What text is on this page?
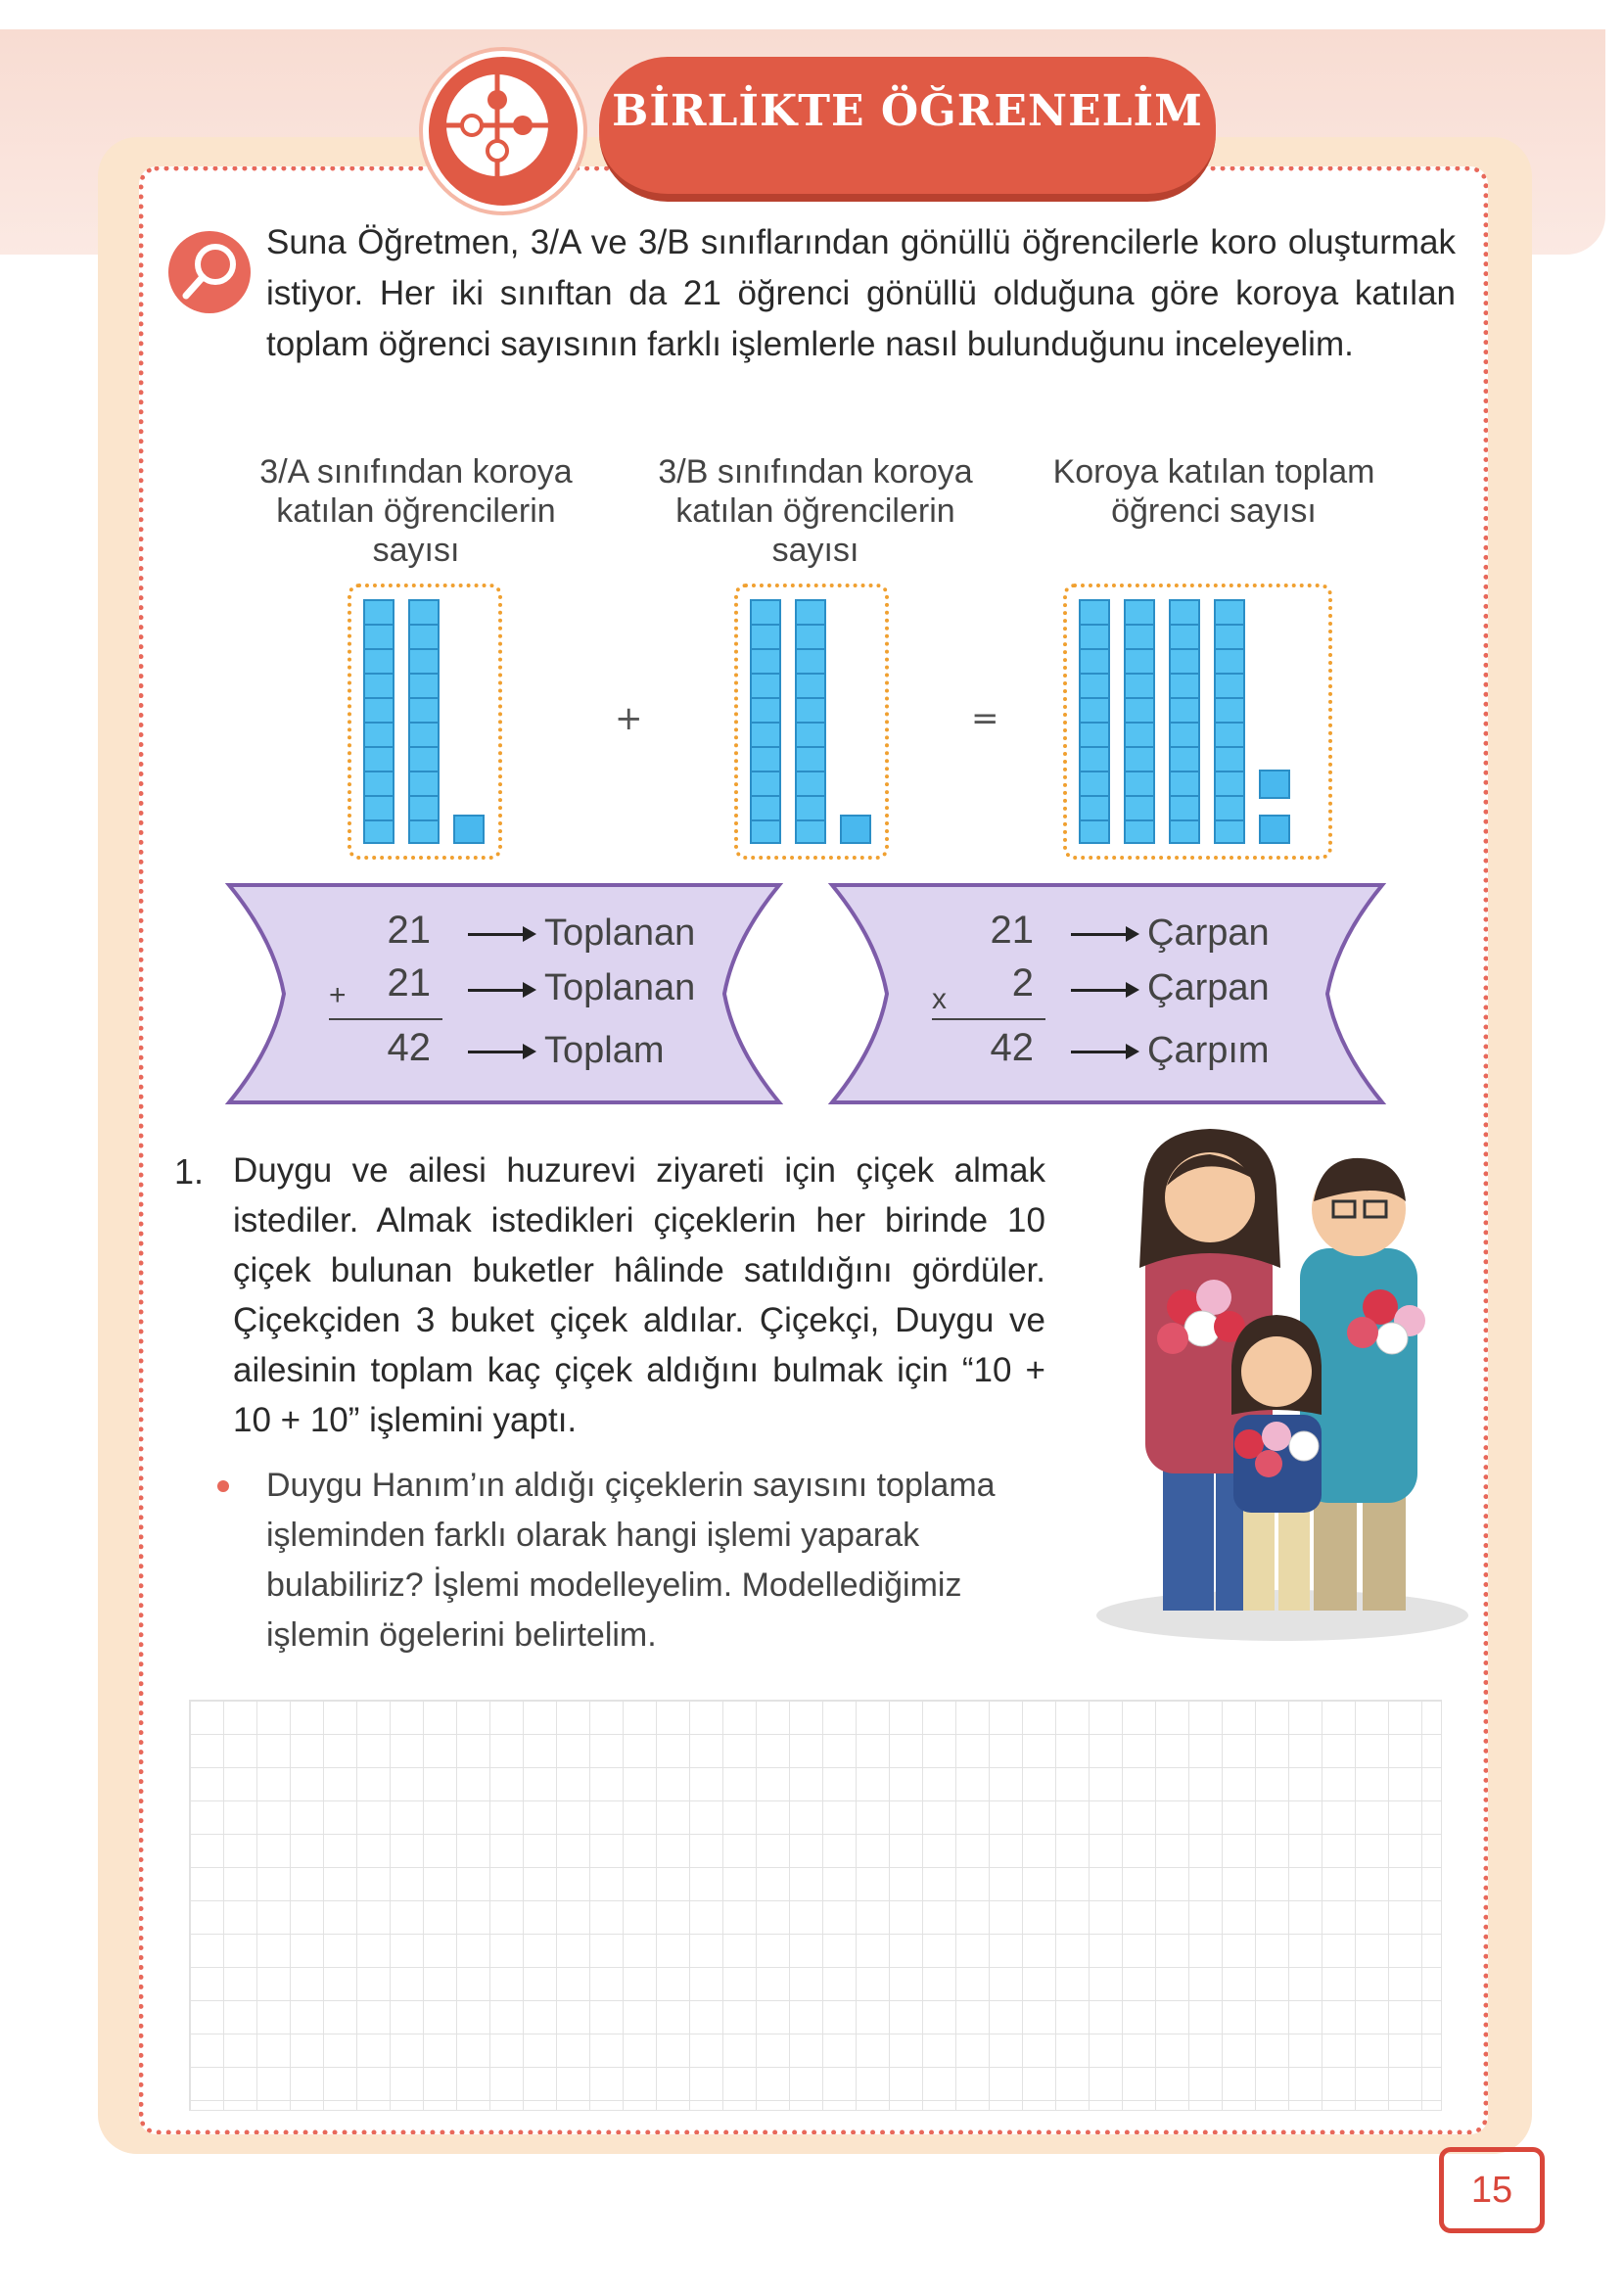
BİRLİKTE ÖĞRENELİM
Suna Öğretmen, 3/A ve 3/B sınıflarından gönüllü öğrencilerle koro oluşturmak istiyor. Her iki sınıftan da 21 öğrenci gönüllü olduğuna göre koroya katılan toplam öğrenci sayısının farklı işlemlerle nasıl bulunduğunu inceleyelim.
3/A sınıfından koroya katılan öğrencilerin sayısı
3/B sınıfından koroya katılan öğrencilerin sayısı
Koroya katılan toplam öğrenci sayısı
+	=
21	Toplanan
+	21	Toplanan
42	Toplam
21	Çarpan
x	2	Çarpan
42	Çarpım
1. Duygu ve ailesi huzurevi ziyareti için çiçek almak istediler. Almak istedikleri çiçeklerin her birinde 10 çiçek bulunan buketler hâlinde satıldığını gördüler. Çiçekçiden 3 buket çiçek aldılar. Çiçekçi, Duygu ve ailesinin toplam kaç çiçek aldığını bulmak için “10 + 10 + 10” işlemini yaptı.
Duygu Hanım’ın aldığı çiçeklerin sayısını toplama işleminden farklı olarak hangi işlemi yaparak bulabiliriz? İşlemi modelleyelim. Modellediğimiz işlemin ögelerini belirtelim.
15
